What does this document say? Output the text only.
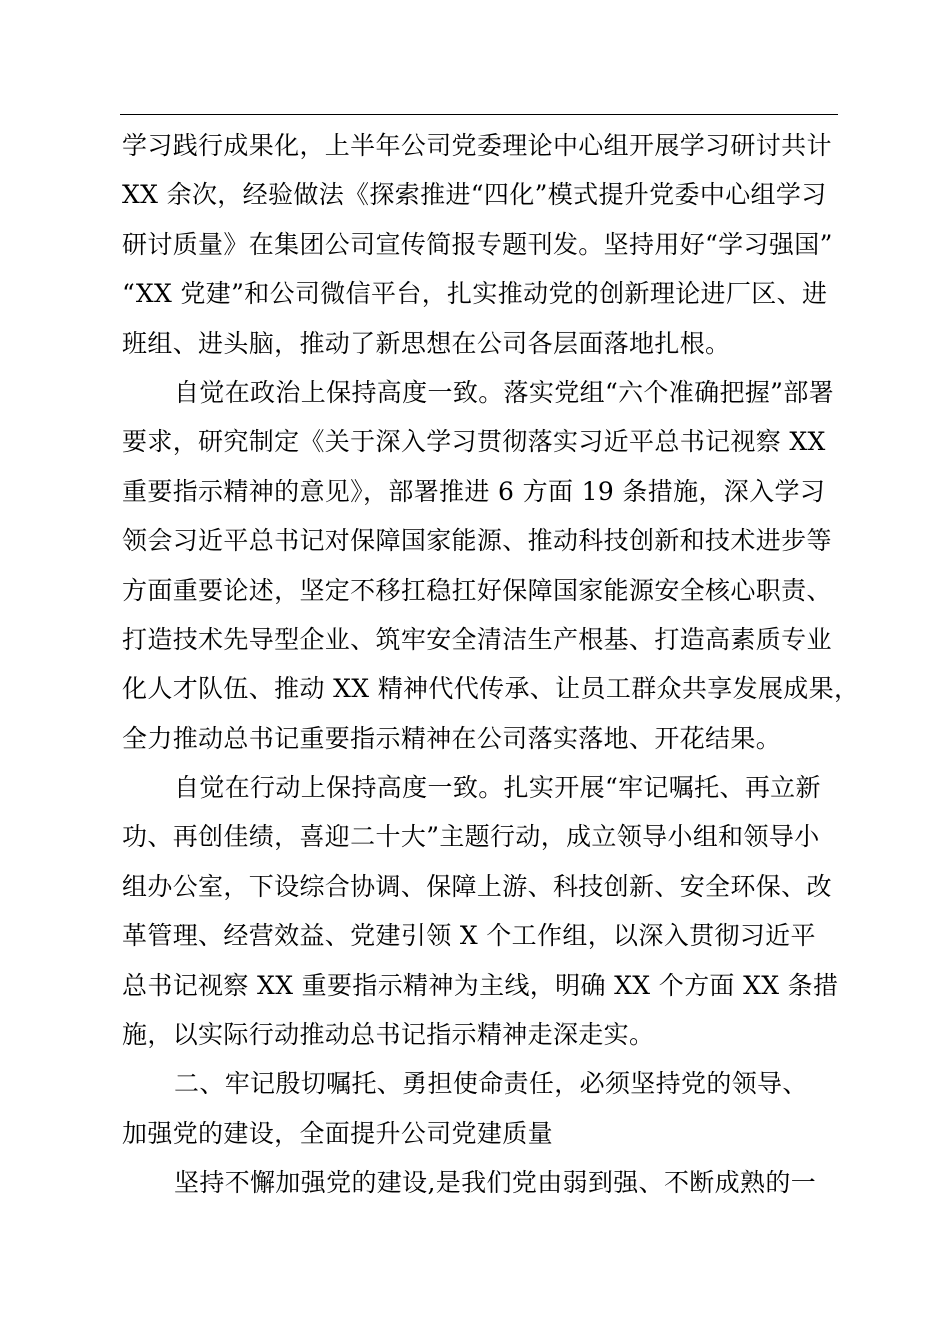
学习践行成果化，上半年公司党委理论中心组开展学习研讨共计
XX 余次，经验做法《探索推进“四化”模式提升党委中心组学习
研讨质量》在集团公司宣传简报专题刊发。坚持用好“学习强国”
“XX 党建”和公司微信平台，扎实推动党的创新理论进厂区、进
班组、进头脑，推动了新思想在公司各层面落地扎根。
自觉在政治上保持高度一致。落实党组“六个准确把握”部署
要求，研究制定《关于深入学习贯彻落实习近平总书记视察 XX
重要指示精神的意见》，部署推进 6 方面 19 条措施，深入学习
领会习近平总书记对保障国家能源、推动科技创新和技术进步等
方面重要论述，坚定不移扛稳扛好保障国家能源安全核心职责、
打造技术先导型企业、筑牢安全清洁生产根基、打造高素质专业
化人才队伍、推动 XX 精神代代传承、让员工群众共享发展成果，
全力推动总书记重要指示精神在公司落实落地、开花结果。
自觉在行动上保持高度一致。扎实开展“牢记嘱托、再立新
功、再创佳绩，喜迎二十大”主题行动，成立领导小组和领导小
组办公室，下设综合协调、保障上游、科技创新、安全环保、改
革管理、经营效益、党建引领 X 个工作组，以深入贯彻习近平
总书记视察 XX 重要指示精神为主线，明确 XX 个方面 XX 条措
施，以实际行动推动总书记指示精神走深走实。
二、牢记殷切嘱托、勇担使命责任，必须坚持党的领导、
加强党的建设，全面提升公司党建质量
坚持不懈加强党的建设,是我们党由弱到强、不断成熟的一
